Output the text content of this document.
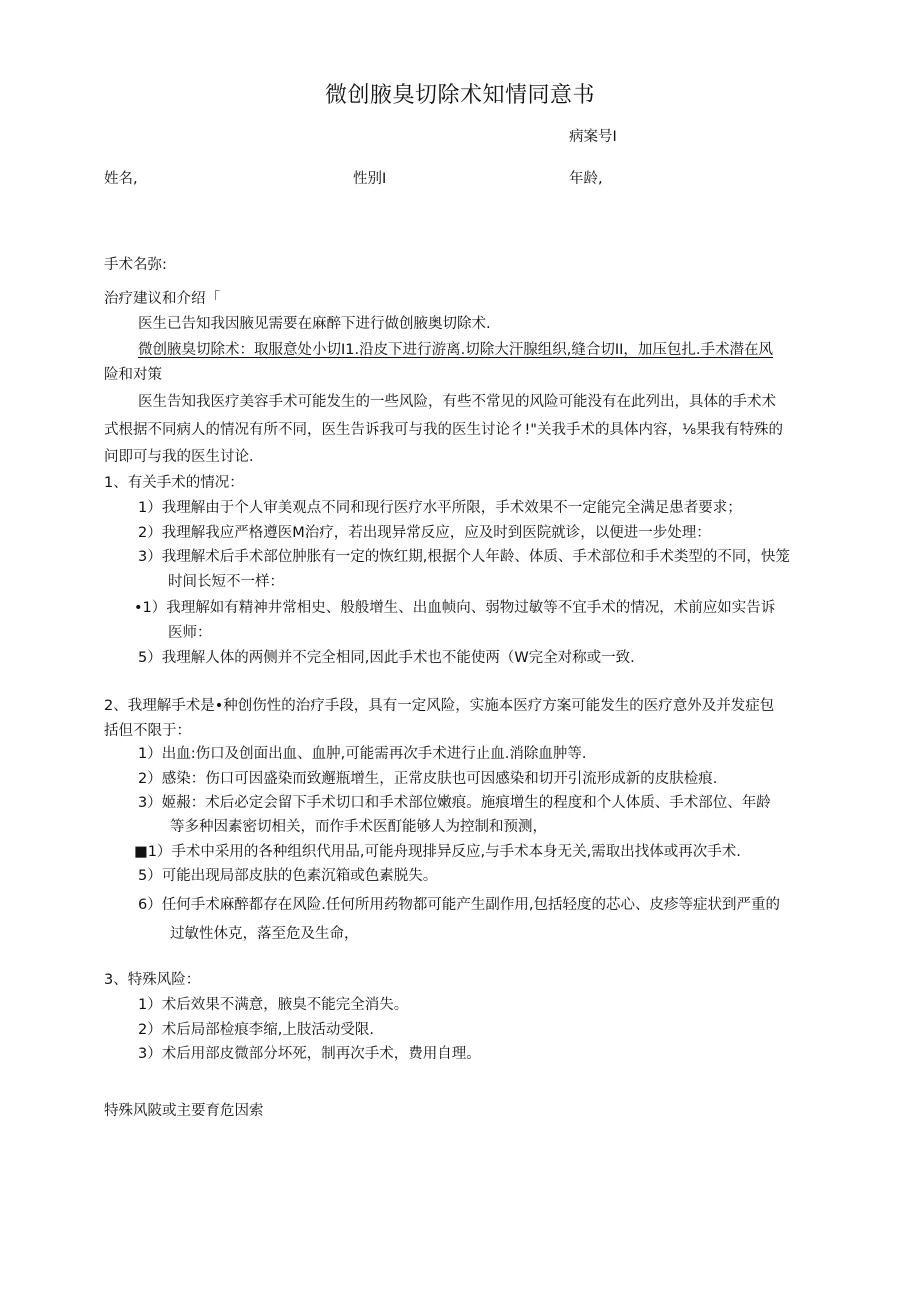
微创腋臭切除术知情同意书
病案号I
姓名,	性别I	年龄,
手术名弥:
治疗建议和介绍「
医生已告知我因腋见需要在麻醉下进行做创腋奥切除术.
微创腋臭切除术：取服意处小切I1.沿皮下进行游离.切除大汗腺组织,缝合切II，加压包扎.手术潜在风
险和对策
医生告知我医疗美容手术可能发生的一些风险，有些不常见的风险可能没有在此列出，具体的手术术
式根据不同病人的情况有所不同，医生告诉我可与我的医生讨论彳!"关我手术的具体内容，⅛果我有特殊的
问即可与我的医生讨论.
1、有关手术的情况：
1）我理解由于个人审美观点不同和现行医疗水平所限，手术效果不一定能完全满足患者要求；
2）我理解我应严格遵医M治疗，若出现异常反应，应及时到医院就诊，以便进一步处理：
3）我理解术后手术部位肿胀有一定的恢红期,根据个人年龄、体质、手术部位和手术类型的不同，快笼
时间长短不一样：
•1）我理解如有精神井常相史、般般增生、出血帧向、弱物过敏等不宜手术的情况，术前应如实告诉
医师：
5）我理解人体的两侧并不完全相同,因此手术也不能使两（W完全对称或一致.
2、我理解手术是•种创伤性的治疗手段，具有一定风险，实施本医疗方案可能发生的医疗意外及并发症包
括但不限于：
1）出血:伤口及创面出血、血肿,可能需再次手术进行止血.消除血肿等.
2）感染：伤口可因盛染而致邂瓶增生，正常皮肤也可因感染和切开引流形成新的皮肤检痕.
3）姬赧：术后必定会留下手术切口和手术部位嫩痕。施痕增生的程度和个人体质、手术部位、年龄
等多种因素密切相关，而作手术医酊能够人为控制和预测，
■1）手术中采用的各种组织代用品,可能舟现排异反应,与手术本身无关,需取出找体或再次手术.
5）可能出现局部皮肤的色素沉箱或色素脱失。
6）任何手术麻醉都存在风险.任何所用药物都可能产生副作用,包括轻度的芯心、皮疹等症状到严重的
过敏性休克，落至危及生命，
3、特殊风险：
1）术后效果不满意，腋臭不能完全消失。
2）术后局部检痕李缩,上肢活动受限.
3）术后用部皮微部分坏死，制再次手术，费用自理。
特殊风陂或主要育危因索
